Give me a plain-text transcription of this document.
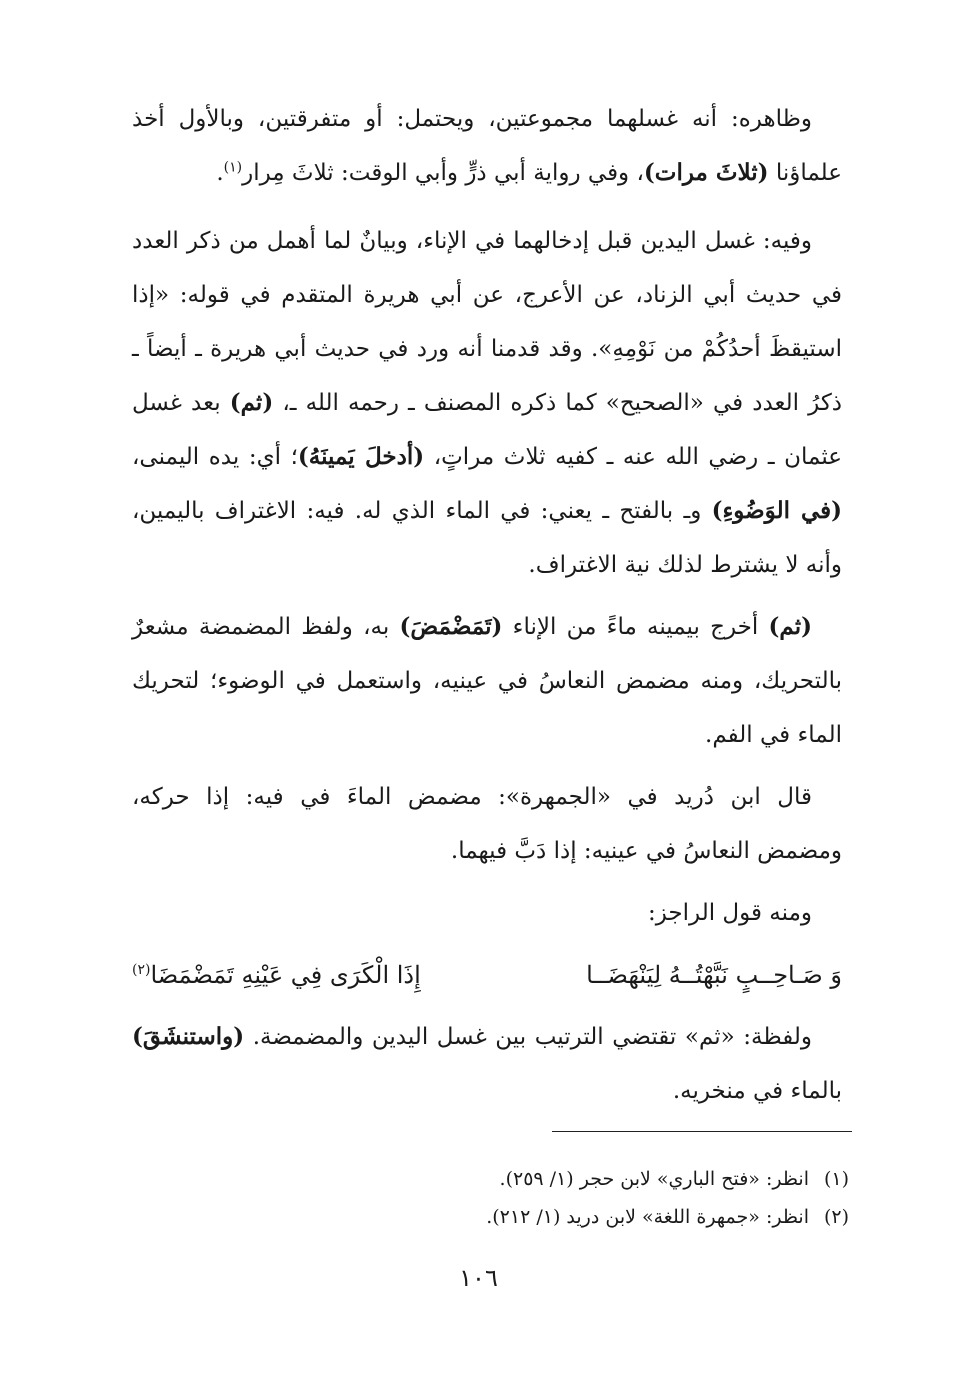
وظاهره: أنه غسلهما مجموعتين، ويحتمل: أو متفرقتين، وبالأول أخذ علماؤنا (ثلاثَ مرات)، وفي رواية أبي ذرٍّ وأبي الوقت: ثلاثَ مِرار$^{(١)}$.

وفيه: غسل اليدين قبل إدخالهما في الإناء، وبيانٌ لما أهمل من ذكر العدد في حديث أبي الزناد، عن الأعرج، عن أبي هريرة المتقدم في قوله: «إذا استيقظَ أحدُكُمْ من نَوْمِهِ». وقد قدمنا أنه ورد في حديث أبي هريرة ـ أيضاً ـ ذكرُ العدد في «الصحيح» كما ذكره المصنف ـ رحمه الله ـ، (ثم) بعد غسل عثمان ـ رضي الله عنه ـ كفيه ثلاث مراتٍ، (أدخلَ يَمينَهُ)؛ أي: يده اليمنى، (في الوَضُوءِ) وـ بالفتح ـ يعني: في الماء الذي له. فيه: الاغتراف باليمين، وأنه لا يشترط لذلك نية الاغتراف.

(ثم) أخرج بيمينه ماءً من الإناء (تَمَضْمَضَ) به، ولفظ المضمضة مشعرٌ بالتحريك، ومنه مضمض النعاسُ في عينيه، واستعمل في الوضوء؛ لتحريك الماء في الفم.

قال ابن دُريد في «الجمهرة»: مضمض الماءَ في فيه: إذا حركه، ومضمض النعاسُ في عينيه: إذا دَبَّ فيهما.

ومنه قول الراجز:

وَ صَـاحِــبٍ نَبَّهْتُــهُ لِيَنْهَضَــا
إِذَا الْكَرَى فِي عَيْنِهِ تَمَضْمَضَا$^{(٢)}$

ولفظة: «ثم» تقتضي الترتيب بين غسل اليدين والمضمضة. (واستنشَقَ) بالماء في منخريه.

(١)انظر: «فتح الباري» لابن حجر (١/ ٢٥٩).

(٢)انظر: «جمهرة اللغة» لابن دريد (١/ ٢١٢).

١٠٦
